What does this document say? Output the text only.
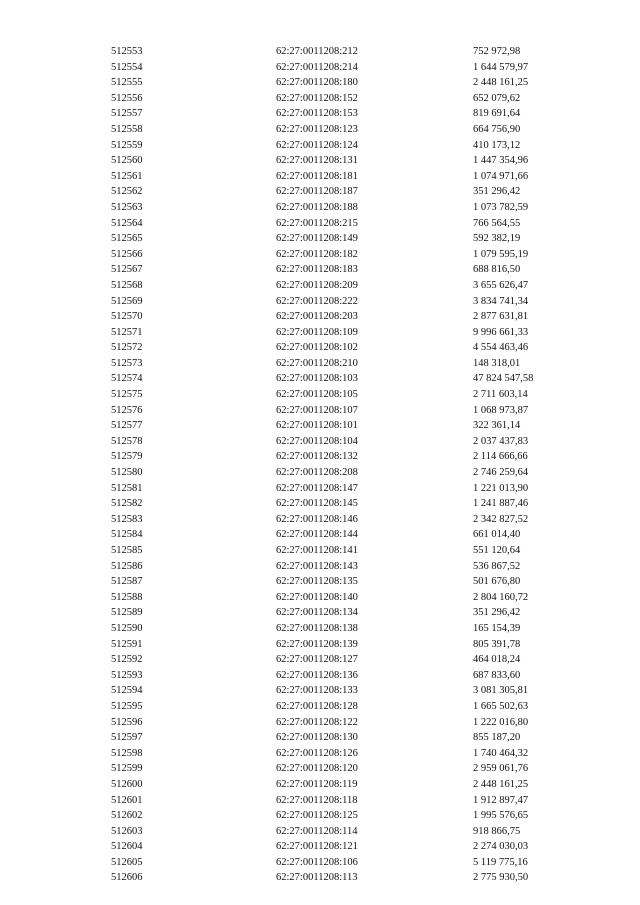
512553	62:27:0011208:212	752 972,98
512554	62:27:0011208:214	1 644 579,97
512555	62:27:0011208:180	2 448 161,25
512556	62:27:0011208:152	652 079,62
512557	62:27:0011208:153	819 691,64
512558	62:27:0011208:123	664 756,90
512559	62:27:0011208:124	410 173,12
512560	62:27:0011208:131	1 447 354,96
512561	62:27:0011208:181	1 074 971,66
512562	62:27:0011208:187	351 296,42
512563	62:27:0011208:188	1 073 782,59
512564	62:27:0011208:215	766 564,55
512565	62:27:0011208:149	592 382,19
512566	62:27:0011208:182	1 079 595,19
512567	62:27:0011208:183	688 816,50
512568	62:27:0011208:209	3 655 626,47
512569	62:27:0011208:222	3 834 741,34
512570	62:27:0011208:203	2 877 631,81
512571	62:27:0011208:109	9 996 661,33
512572	62:27:0011208:102	4 554 463,46
512573	62:27:0011208:210	148 318,01
512574	62:27:0011208:103	47 824 547,58
512575	62:27:0011208:105	2 711 603,14
512576	62:27:0011208:107	1 068 973,87
512577	62:27:0011208:101	322 361,14
512578	62:27:0011208:104	2 037 437,83
512579	62:27:0011208:132	2 114 666,66
512580	62:27:0011208:208	2 746 259,64
512581	62:27:0011208:147	1 221 013,90
512582	62:27:0011208:145	1 241 887,46
512583	62:27:0011208:146	2 342 827,52
512584	62:27:0011208:144	661 014,40
512585	62:27:0011208:141	551 120,64
512586	62:27:0011208:143	536 867,52
512587	62:27:0011208:135	501 676,80
512588	62:27:0011208:140	2 804 160,72
512589	62:27:0011208:134	351 296,42
512590	62:27:0011208:138	165 154,39
512591	62:27:0011208:139	805 391,78
512592	62:27:0011208:127	464 018,24
512593	62:27:0011208:136	687 833,60
512594	62:27:0011208:133	3 081 305,81
512595	62:27:0011208:128	1 665 502,63
512596	62:27:0011208:122	1 222 016,80
512597	62:27:0011208:130	855 187,20
512598	62:27:0011208:126	1 740 464,32
512599	62:27:0011208:120	2 959 061,76
512600	62:27:0011208:119	2 448 161,25
512601	62:27:0011208:118	1 912 897,47
512602	62:27:0011208:125	1 995 576,65
512603	62:27:0011208:114	918 866,75
512604	62:27:0011208:121	2 274 030,03
512605	62:27:0011208:106	5 119 775,16
512606	62:27:0011208:113	2 775 930,50
